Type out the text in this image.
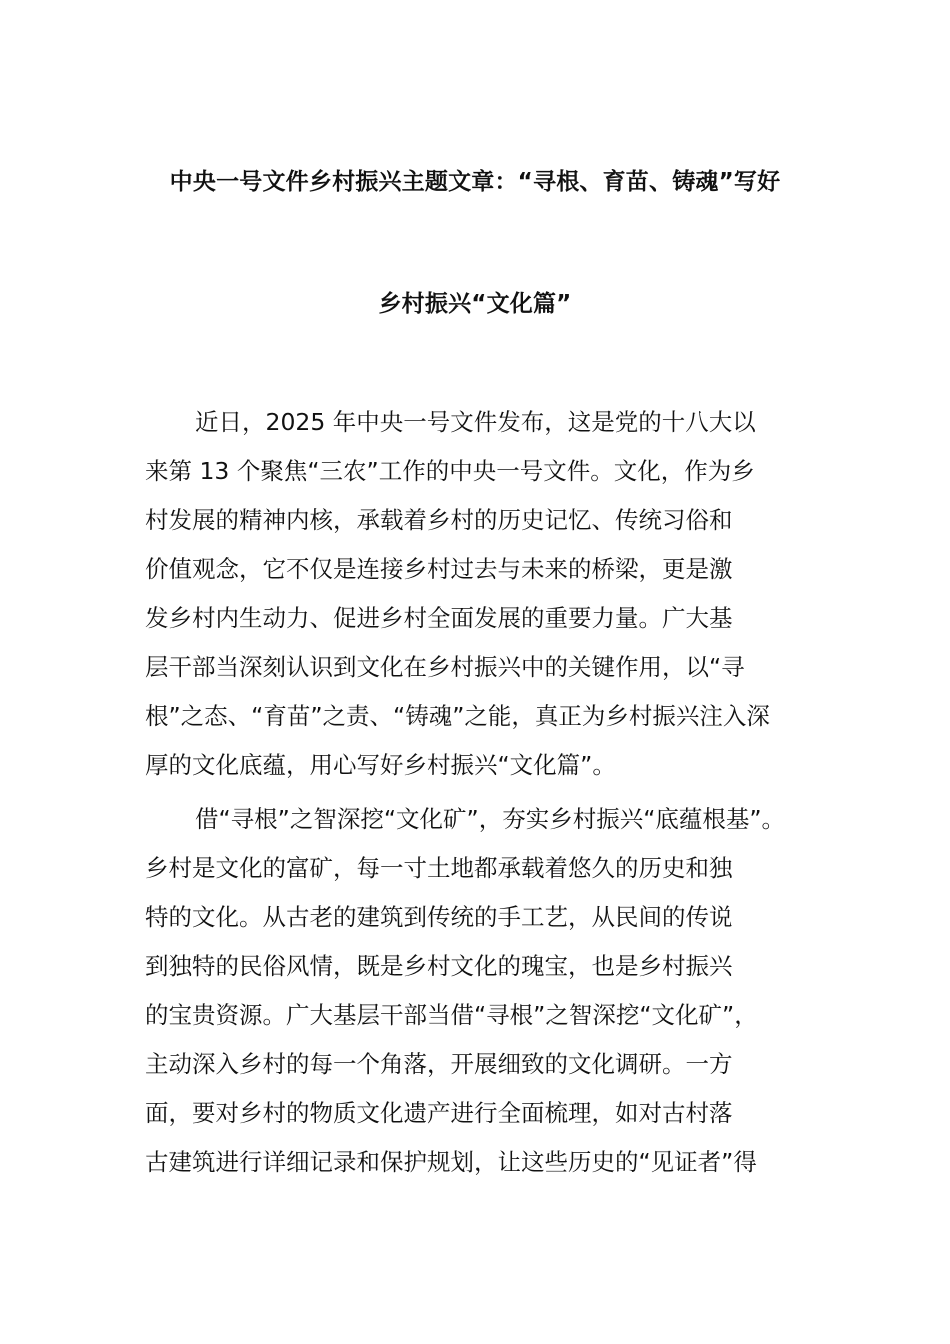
中央一号文件乡村振兴主题文章：“寻根、育苗、铸魂”写好
乡村振兴“文化篇”
近日，2025 年中央一号文件发布，这是党的十八大以
来第 13 个聚焦“三农”工作的中央一号文件。文化，作为乡
村发展的精神内核，承载着乡村的历史记忆、传统习俗和
价值观念，它不仅是连接乡村过去与未来的桥梁，更是激
发乡村内生动力、促进乡村全面发展的重要力量。广大基
层干部当深刻认识到文化在乡村振兴中的关键作用，以“寻
根”之态、“育苗”之责、“铸魂”之能，真正为乡村振兴注入深
厚的文化底蕴，用心写好乡村振兴“文化篇”。
借“寻根”之智深挖“文化矿”，夯实乡村振兴“底蕴根基”。
乡村是文化的富矿，每一寸土地都承载着悠久的历史和独
特的文化。从古老的建筑到传统的手工艺，从民间的传说
到独特的民俗风情，既是乡村文化的瑰宝，也是乡村振兴
的宝贵资源。广大基层干部当借“寻根”之智深挖“文化矿”，
主动深入乡村的每一个角落，开展细致的文化调研。一方
面，要对乡村的物质文化遗产进行全面梳理，如对古村落
古建筑进行详细记录和保护规划，让这些历史的“见证者”得
